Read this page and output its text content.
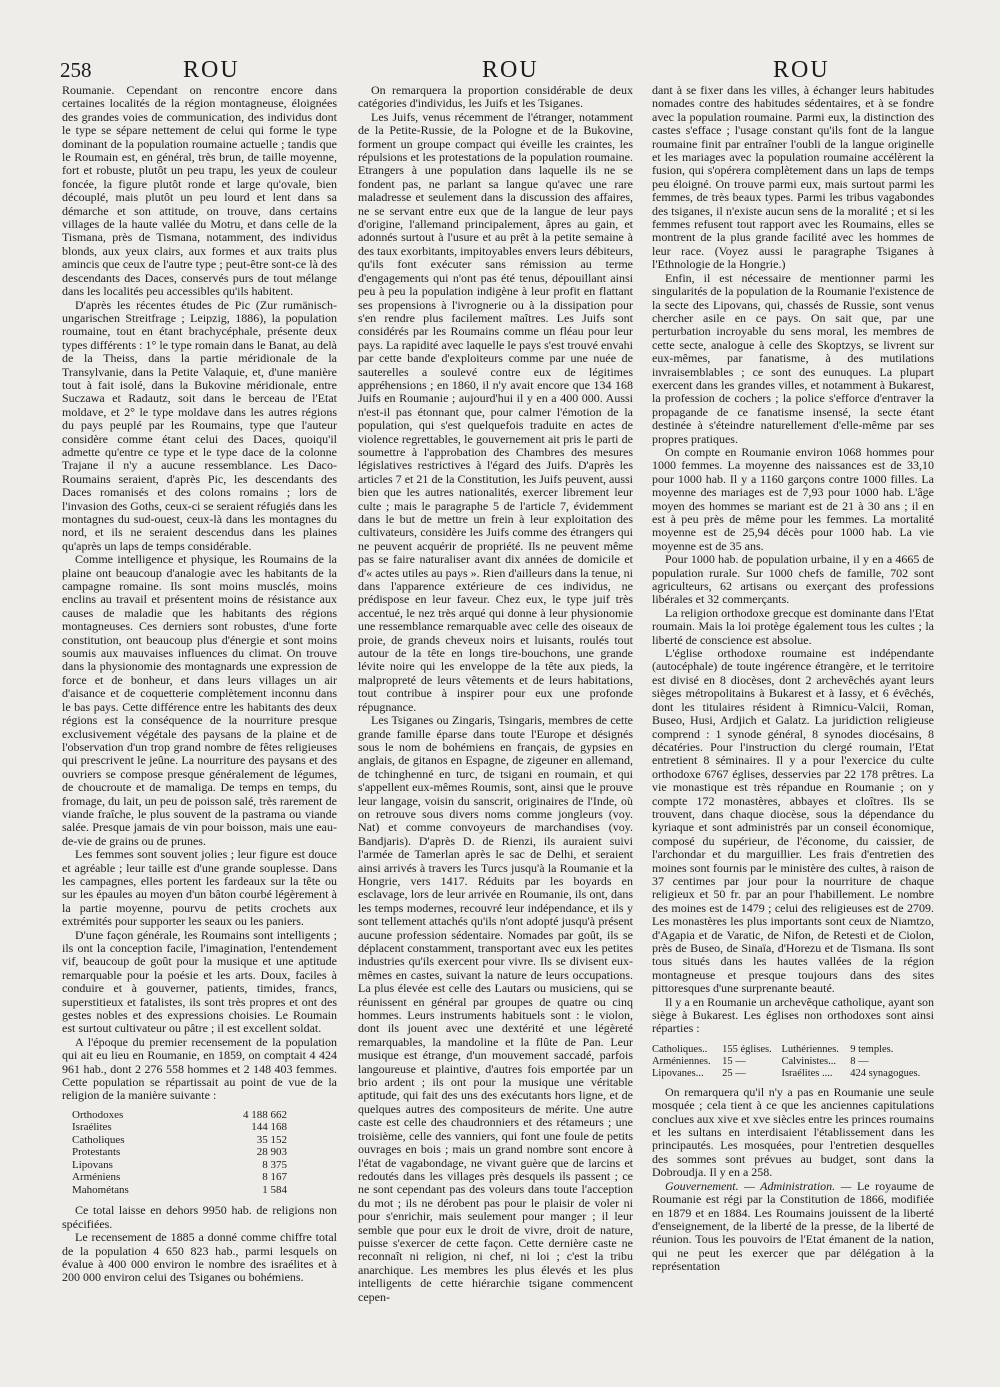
258	ROU	ROU	ROU

Roumanie. Cependant on rencontre encore dans certaines localités de la région montagneuse, éloignées des grandes voies de communication, des individus dont le type se sépare nettement de celui qui forme le type dominant de la population roumaine actuelle ; tandis que le Roumain est, en général, très brun, de taille moyenne, fort et robuste, plutôt un peu trapu, les yeux de couleur foncée, la figure plutôt ronde et large qu'ovale, bien découplé, mais plutôt un peu lourd et lent dans sa démarche et son attitude, on trouve, dans certains villages de la haute vallée du Motru, et dans celle de la Tismana, près de Tismana, notamment, des individus blonds, aux yeux clairs, aux formes et aux traits plus amincis que ceux de l'autre type ; peut-être sont-ce là des descendants des Daces, conservés purs de tout mélange dans les localités peu accessibles qu'ils habitent.

D'après les récentes études de Pic (Zur rumänisch-ungarischen Streitfrage ; Leipzig, 1886), la population roumaine, tout en étant brachycéphale, présente deux types différents : 1° le type romain dans le Banat, au delà de la Theiss, dans la partie méridionale de la Transylvanie, dans la Petite Valaquie, et, d'une manière tout à fait isolé, dans la Bukovine méridionale, entre Suczawa et Radautz, soit dans le berceau de l'Etat moldave, et 2° le type moldave dans les autres régions du pays peuplé par les Roumains, type que l'auteur considère comme étant celui des Daces, quoiqu'il admette qu'entre ce type et le type dace de la colonne Trajane il n'y a aucune ressemblance. Les Daco-Roumains seraient, d'après Pic, les descendants des Daces romanisés et des colons romains ; lors de l'invasion des Goths, ceux-ci se seraient réfugiés dans les montagnes du sud-ouest, ceux-là dans les montagnes du nord, et ils ne seraient descendus dans les plaines qu'après un laps de temps considérable.

Comme intelligence et physique, les Roumains de la plaine ont beaucoup d'analogie avec les habitants de la campagne romaine. Ils sont moins musclés, moins enclins au travail et présentent moins de résistance aux causes de maladie que les habitants des régions montagneuses. Ces derniers sont robustes, d'une forte constitution, ont beaucoup plus d'énergie et sont moins soumis aux mauvaises influences du climat. On trouve dans la physionomie des montagnards une expression de force et de bonheur, et dans leurs villages un air d'aisance et de coquetterie complètement inconnu dans le bas pays. Cette différence entre les habitants des deux régions est la conséquence de la nourriture presque exclusivement végétale des paysans de la plaine et de l'observation d'un trop grand nombre de fêtes religieuses qui prescrivent le jeûne. La nourriture des paysans et des ouvriers se compose presque généralement de légumes, de choucroute et de mamaliga. De temps en temps, du fromage, du lait, un peu de poisson salé, très rarement de viande fraîche, le plus souvent de la pastrama ou viande salée. Presque jamais de vin pour boisson, mais une eau-de-vie de grains ou de prunes.

Les femmes sont souvent jolies ; leur figure est douce et agréable ; leur taille est d'une grande souplesse. Dans les campagnes, elles portent les fardeaux sur la tête ou sur les épaules au moyen d'un bâton courbé légèrement à la partie moyenne, pourvu de petits crochets aux extrémités pour supporter les seaux ou les paniers.

D'une façon générale, les Roumains sont intelligents ; ils ont la conception facile, l'imagination, l'entendement vif, beaucoup de goût pour la musique et une aptitude remarquable pour la poésie et les arts. Doux, faciles à conduire et à gouverner, patients, timides, francs, superstitieux et fatalistes, ils sont très propres et ont des gestes nobles et des expressions choisies. Le Roumain est surtout cultivateur ou pâtre ; il est excellent soldat.

A l'époque du premier recensement de la population qui ait eu lieu en Roumanie, en 1859, on comptait 4 424 961 hab., dont 2 276 558 hommes et 2 148 403 femmes. Cette population se répartissait au point de vue de la religion de la manière suivante :

Orthodoxes	4 188 662
Israélites	144 168
Catholiques	35 152
Protestants	28 903
Lipovans	8 375
Arméniens	8 167
Mahométans	1 584

Ce total laisse en dehors 9950 hab. de religions non spécifiées.

Le recensement de 1885 a donné comme chiffre total de la population 4 650 823 hab., parmi lesquels on évalue à 400 000 environ le nombre des israélites et à 200 000 environ celui des Tsiganes ou bohémiens.

On remarquera la proportion considérable de deux catégories d'individus, les Juifs et les Tsiganes.

Les Juifs, venus récemment de l'étranger, notamment de la Petite-Russie, de la Pologne et de la Bukovine, forment un groupe compact qui éveille les craintes, les répulsions et les protestations de la population roumaine. Etrangers à une population dans laquelle ils ne se fondent pas, ne parlant sa langue qu'avec une rare maladresse et seulement dans la discussion des affaires, ne se servant entre eux que de la langue de leur pays d'origine, l'allemand principalement, âpres au gain, et adonnés surtout à l'usure et au prêt à la petite semaine à des taux exorbitants, impitoyables envers leurs débiteurs, qu'ils font exécuter sans rémission au terme d'engagements qui n'ont pas été tenus, dépouillant ainsi peu à peu la population indigène à leur profit en flattant ses propensions à l'ivrognerie ou à la dissipation pour s'en rendre plus facilement maîtres. Les Juifs sont considérés par les Roumains comme un fléau pour leur pays. La rapidité avec laquelle le pays s'est trouvé envahi par cette bande d'exploiteurs comme par une nuée de sauterelles a soulevé contre eux de légitimes appréhensions ; en 1860, il n'y avait encore que 134 168 Juifs en Roumanie ; aujourd'hui il y en a 400 000. Aussi n'est-il pas étonnant que, pour calmer l'émotion de la population, qui s'est quelquefois traduite en actes de violence regrettables, le gouvernement ait pris le parti de soumettre à l'approbation des Chambres des mesures législatives restrictives à l'égard des Juifs. D'après les articles 7 et 21 de la Constitution, les Juifs peuvent, aussi bien que les autres nationalités, exercer librement leur culte ; mais le paragraphe 5 de l'article 7, évidemment dans le but de mettre un frein à leur exploitation des cultivateurs, considère les Juifs comme des étrangers qui ne peuvent acquérir de propriété. Ils ne peuvent même pas se faire naturaliser avant dix années de domicile et d'« actes utiles au pays ». Rien d'ailleurs dans la tenue, ni dans l'apparence extérieure de ces individus, ne prédispose en leur faveur. Chez eux, le type juif très accentué, le nez très arqué qui donne à leur physionomie une ressemblance remarquable avec celle des oiseaux de proie, de grands cheveux noirs et luisants, roulés tout autour de la tête en longs tire-bouchons, une grande lévite noire qui les enveloppe de la tête aux pieds, la malpropreté de leurs vêtements et de leurs habitations, tout contribue à inspirer pour eux une profonde répugnance.

Les Tsiganes ou Zingaris, Tsingaris, membres de cette grande famille éparse dans toute l'Europe et désignés sous le nom de bohémiens en français, de gypsies en anglais, de gitanos en Espagne, de zigeuner en allemand, de tchinghenné en turc, de tsigani en roumain, et qui s'appellent eux-mêmes Roumis, sont, ainsi que le prouve leur langage, voisin du sanscrit, originaires de l'Inde, où on retrouve sous divers noms comme jongleurs (voy. Nat) et comme convoyeurs de marchandises (voy. Bandjaris). D'après D. de Rienzi, ils auraient suivi l'armée de Tamerlan après le sac de Delhi, et seraient ainsi arrivés à travers les Turcs jusqu'à la Roumanie et la Hongrie, vers 1417. Réduits par les boyards en esclavage, lors de leur arrivée en Roumanie, ils ont, dans les temps modernes, recouvré leur indépendance, et ils y sont tellement attachés qu'ils n'ont adopté jusqu'à présent aucune profession sédentaire. Nomades par goût, ils se déplacent constamment, transportant avec eux les petites industries qu'ils exercent pour vivre. Ils se divisent eux-mêmes en castes, suivant la nature de leurs occupations. La plus élevée est celle des Lautars ou musiciens, qui se réunissent en général par groupes de quatre ou cinq hommes. Leurs instruments habituels sont : le violon, dont ils jouent avec une dextérité et une légèreté remarquables, la mandoline et la flûte de Pan. Leur musique est étrange, d'un mouvement saccadé, parfois langoureuse et plaintive, d'autres fois emportée par un brio ardent ; ils ont pour la musique une véritable aptitude, qui fait des uns des exécutants hors ligne, et de quelques autres des compositeurs de mérite. Une autre caste est celle des chaudronniers et des rétameurs ; une troisième, celle des vanniers, qui font une foule de petits ouvrages en bois ; mais un grand nombre sont encore à l'état de vagabondage, ne vivant guère que de larcins et redoutés dans les villages près desquels ils passent ; ce ne sont cependant pas des voleurs dans toute l'acception du mot ; ils ne dérobent pas pour le plaisir de voler ni pour s'enrichir, mais seulement pour manger ; il leur semble que pour eux le droit de vivre, droit de nature, puisse s'exercer de cette façon. Cette dernière caste ne reconnaît ni religion, ni chef, ni loi ; c'est la tribu anarchique. Les membres les plus élevés et les plus intelligents de cette hiérarchie tsigane commencent cepen-

dant à se fixer dans les villes, à échanger leurs habitudes nomades contre des habitudes sédentaires, et à se fondre avec la population roumaine. Parmi eux, la distinction des castes s'efface ; l'usage constant qu'ils font de la langue roumaine finit par entraîner l'oubli de la langue originelle et les mariages avec la population roumaine accélèrent la fusion, qui s'opérera complètement dans un laps de temps peu éloigné. On trouve parmi eux, mais surtout parmi les femmes, de très beaux types. Parmi les tribus vagabondes des tsiganes, il n'existe aucun sens de la moralité ; et si les femmes refusent tout rapport avec les Roumains, elles se montrent de la plus grande facilité avec les hommes de leur race. (Voyez aussi le paragraphe Tsiganes à l'Ethnologie de la Hongrie.)

Enfin, il est nécessaire de mentionner parmi les singularités de la population de la Roumanie l'existence de la secte des Lipovans, qui, chassés de Russie, sont venus chercher asile en ce pays. On sait que, par une perturbation incroyable du sens moral, les membres de cette secte, analogue à celle des Skoptzys, se livrent sur eux-mêmes, par fanatisme, à des mutilations invraisemblables ; ce sont des eunuques. La plupart exercent dans les grandes villes, et notamment à Bukarest, la profession de cochers ; la police s'efforce d'entraver la propagande de ce fanatisme insensé, la secte étant destinée à s'éteindre naturellement d'elle-même par ses propres pratiques.

On compte en Roumanie environ 1068 hommes pour 1000 femmes. La moyenne des naissances est de 33,10 pour 1000 hab. Il y a 1160 garçons contre 1000 filles. La moyenne des mariages est de 7,93 pour 1000 hab. L'âge moyen des hommes se mariant est de 21 à 30 ans ; il en est à peu près de même pour les femmes. La mortalité moyenne est de 25,94 décès pour 1000 hab. La vie moyenne est de 35 ans.

Pour 1000 hab. de population urbaine, il y en a 4665 de population rurale. Sur 1000 chefs de famille, 702 sont agriculteurs, 62 artisans ou exerçant des professions libérales et 32 commerçants.

La religion orthodoxe grecque est dominante dans l'Etat roumain. Mais la loi protège également tous les cultes ; la liberté de conscience est absolue.

L'église orthodoxe roumaine est indépendante (autocéphale) de toute ingérence étrangère, et le territoire est divisé en 8 diocèses, dont 2 archevêchés ayant leurs sièges métropolitains à Bukarest et à Iassy, et 6 évêchés, dont les titulaires résident à Rimnicu-Valcii, Roman, Buseo, Husi, Ardjich et Galatz. La juridiction religieuse comprend : 1 synode général, 8 synodes diocésains, 8 décatéries. Pour l'instruction du clergé roumain, l'Etat entretient 8 séminaires. Il y a pour l'exercice du culte orthodoxe 6767 églises, desservies par 22 178 prêtres. La vie monastique est très répandue en Roumanie ; on y compte 172 monastères, abbayes et cloîtres. Ils se trouvent, dans chaque diocèse, sous la dépendance du kyriaque et sont administrés par un conseil économique, composé du supérieur, de l'économe, du caissier, de l'archondar et du marguillier. Les frais d'entretien des moines sont fournis par le ministère des cultes, à raison de 37 centimes par jour pour la nourriture de chaque religieux et 50 fr. par an pour l'habillement. Le nombre des moines est de 1479 ; celui des religieuses est de 2709. Les monastères les plus importants sont ceux de Niamtzo, d'Agapia et de Varatic, de Nifon, de Retesti et de Ciolon, près de Buseo, de Sinaïa, d'Horezu et de Tismana. Ils sont tous situés dans les hautes vallées de la région montagneuse et presque toujours dans des sites pittoresques d'une surprenante beauté.

Il y a en Roumanie un archevêque catholique, ayant son siège à Bukarest. Les églises non orthodoxes sont ainsi réparties :

Catholiques..	155 églises.	Luthériennes.	9 temples.
Arméniennes.	15 —	Calvinistes...	8 —
Lipovanes...	25 —	Israélites ....	424 synagogues.

On remarquera qu'il n'y a pas en Roumanie une seule mosquée ; cela tient à ce que les anciennes capitulations conclues aux xive et xve siècles entre les princes roumains et les sultans en interdisaient l'établissement dans les principautés. Les mosquées, pour l'entretien desquelles des sommes sont prévues au budget, sont dans la Dobroudja. Il y en a 258.

Gouvernement. — Administration. — Le royaume de Roumanie est régi par la Constitution de 1866, modifiée en 1879 et en 1884. Les Roumains jouissent de la liberté d'enseignement, de la liberté de la presse, de la liberté de réunion. Tous les pouvoirs de l'Etat émanent de la nation, qui ne peut les exercer que par délégation à la représentation
